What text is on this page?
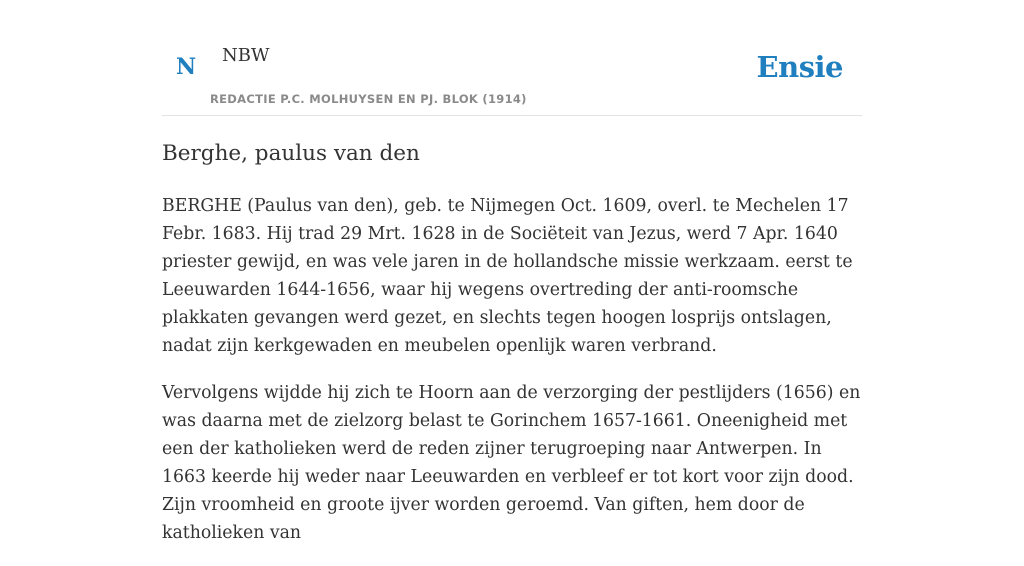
N NBW
REDACTIE P.C. MOLHUYSEN EN PJ. BLOK (1914)
Ensie
Berghe, paulus van den

BERGHE (Paulus van den), geb. te Nijmegen Oct. 1609, overl. te Mechelen 17 Febr. 1683. Hij trad 29 Mrt. 1628 in de Sociëteit van Jezus, werd 7 Apr. 1640 priester gewijd, en was vele jaren in de hollandsche missie werkzaam. eerst te Leeuwarden 1644-1656, waar hij wegens overtreding der anti-roomsche plakkaten gevangen werd gezet, en slechts tegen hoogen losprijs ontslagen, nadat zijn kerkgewaden en meubelen openlijk waren verbrand.

Vervolgens wijdde hij zich te Hoorn aan de verzorging der pestlijders (1656) en was daarna met de zielzorg belast te Gorinchem 1657-1661. Oneenigheid met een der katholieken werd de reden zijner terugroeping naar Antwerpen. In 1663 keerde hij weder naar Leeuwarden en verbleef er tot kort voor zijn dood. Zijn vroomheid en groote ijver worden geroemd. Van giften, hem door de katholieken van
